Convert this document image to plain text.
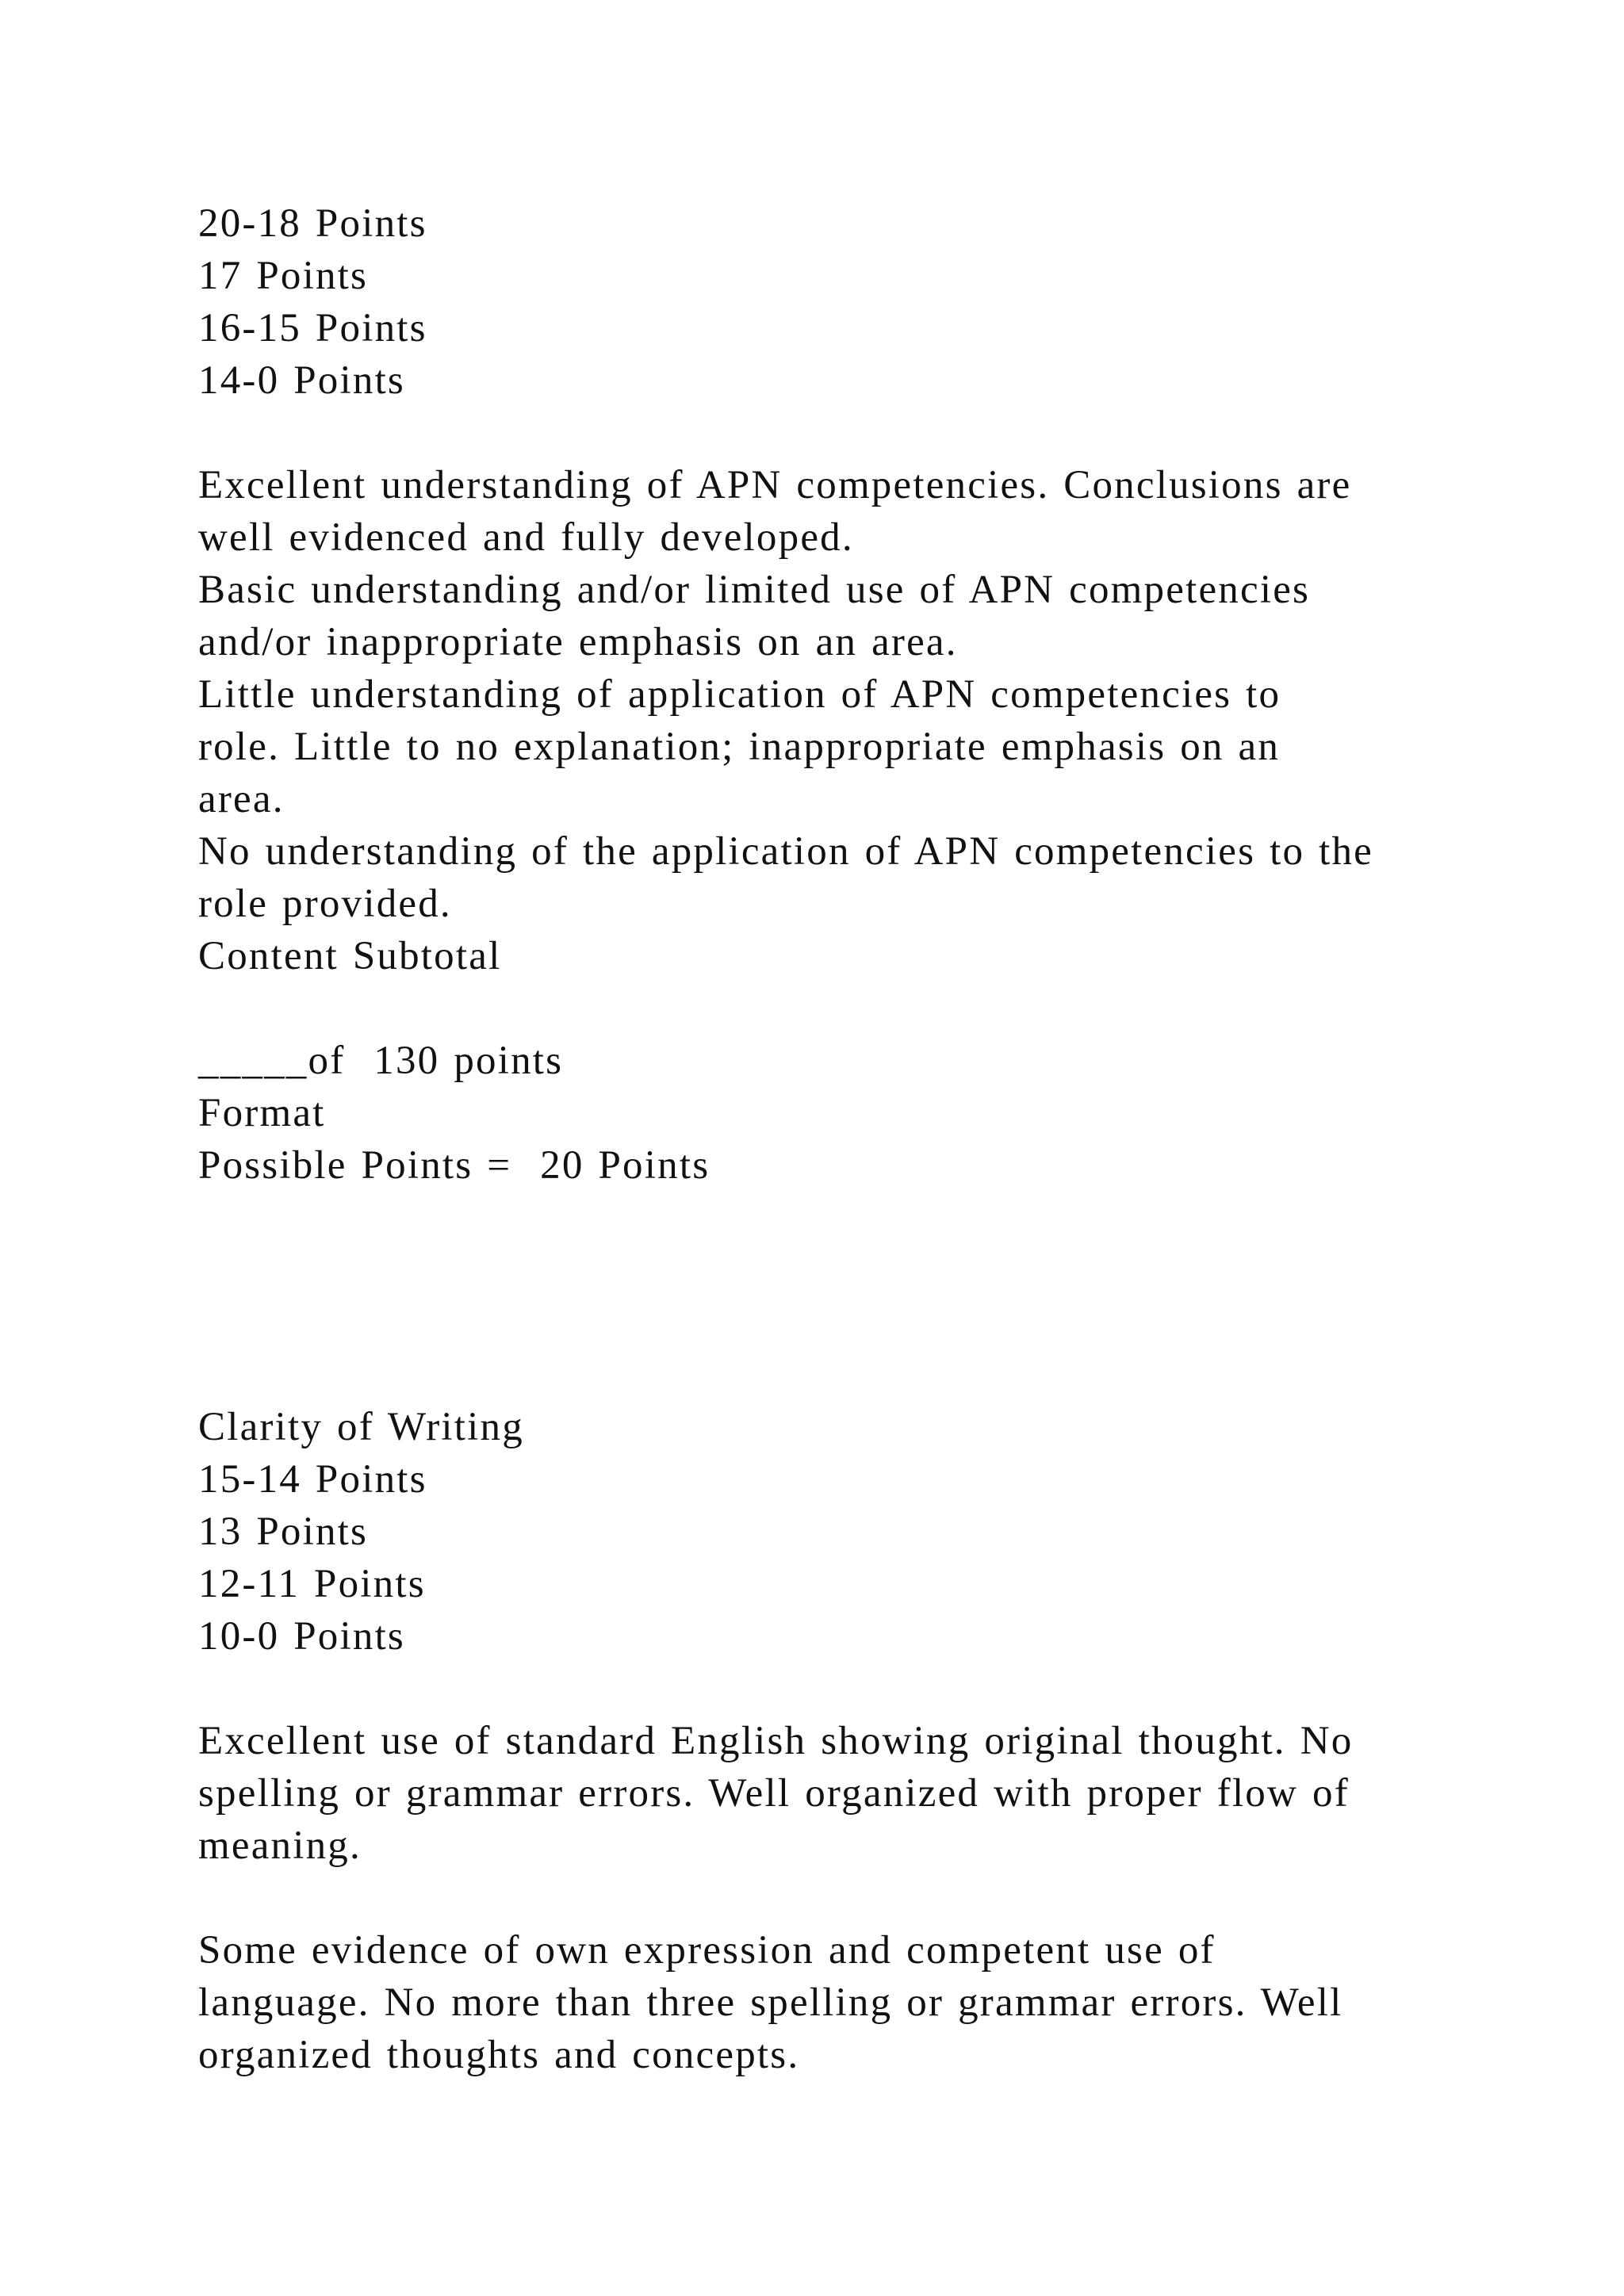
20-18 Points
17 Points
16-15 Points
14-0 Points
Excellent understanding of APN competencies. Conclusions are
well evidenced and fully developed.
Basic understanding and/or limited use of APN competencies
and/or inappropriate emphasis on an area.
Little understanding of application of APN competencies to
role. Little to no explanation; inappropriate emphasis on an
area.
No understanding of the application of APN competencies to the
role provided.
Content Subtotal
_____of  130 points
Format
Possible Points =  20 Points
Clarity of Writing
15-14 Points
13 Points
12-11 Points
10-0 Points
Excellent use of standard English showing original thought. No
spelling or grammar errors. Well organized with proper flow of
meaning.
Some evidence of own expression and competent use of
language. No more than three spelling or grammar errors. Well
organized thoughts and concepts.
